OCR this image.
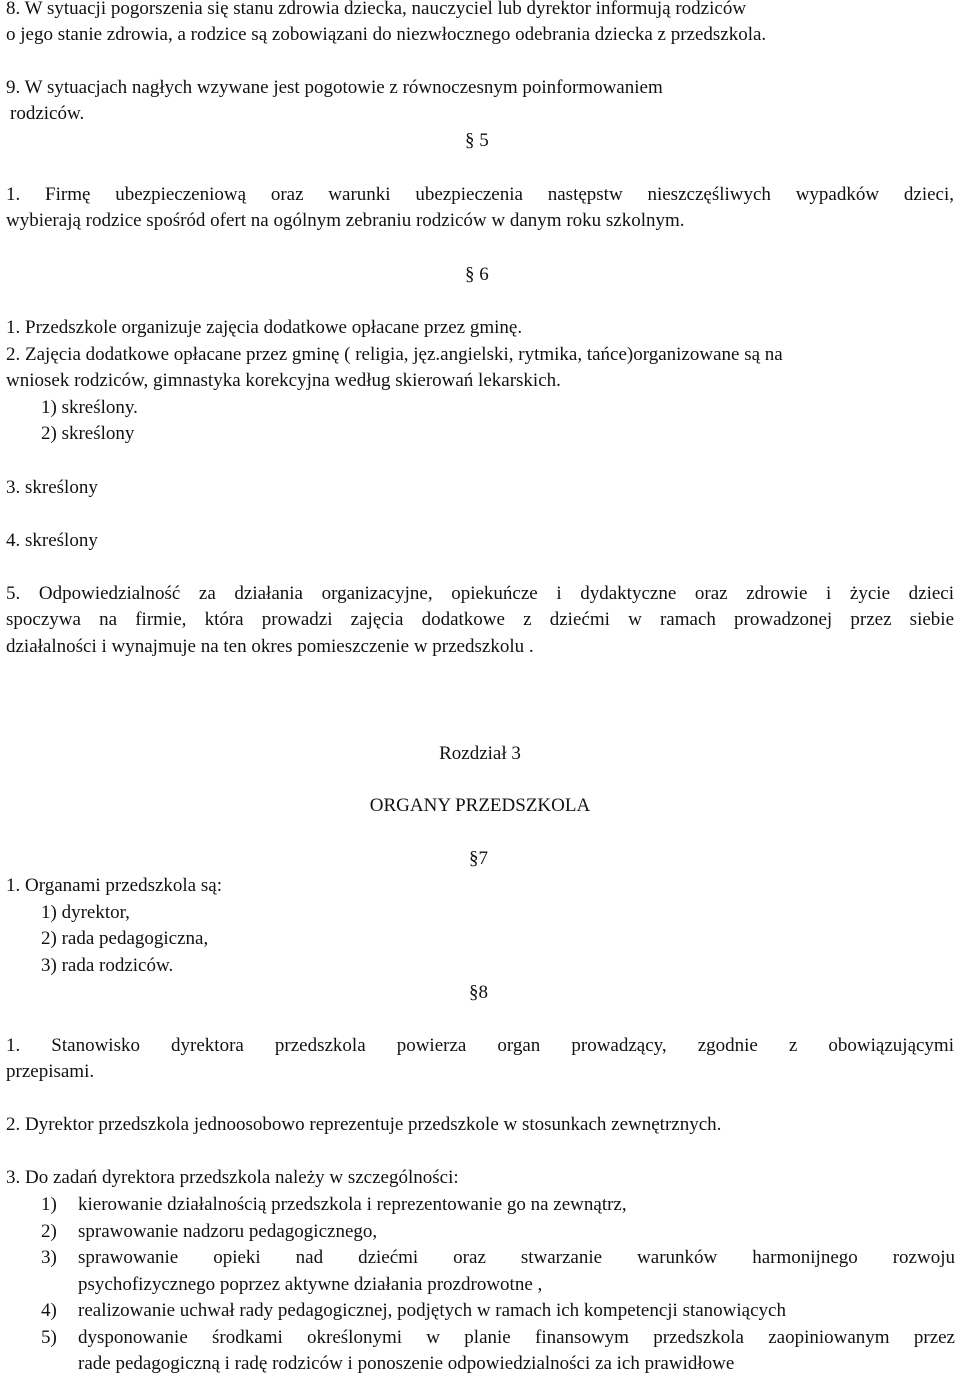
8. W sytuacji pogorszenia się stanu zdrowia dziecka, nauczyciel lub dyrektor informują rodziców
o jego stanie zdrowia, a rodzice są zobowiązani do niezwłocznego odebrania dziecka z przedszkola.
9. W sytuacjach nagłych wzywane jest pogotowie z równoczesnym poinformowaniem
rodziców.
§ 5
1. Firmę ubezpieczeniową oraz warunki ubezpieczenia następstw nieszczęśliwych wypadków dzieci,
wybierają rodzice spośród ofert na ogólnym zebraniu rodziców w danym roku szkolnym.
§ 6
1. Przedszkole organizuje zajęcia dodatkowe opłacane przez gminę.
2. Zajęcia dodatkowe opłacane przez gminę ( religia, jęz.angielski, rytmika, tańce)organizowane są na
wniosek rodziców, gimnastyka korekcyjna według skierowań lekarskich.
1) skreślony.
2) skreślony
3. skreślony
4. skreślony
5. Odpowiedzialność za działania organizacyjne, opiekuńcze i dydaktyczne oraz zdrowie i życie dzieci
spoczywa na firmie, która prowadzi zajęcia dodatkowe z dziećmi w ramach prowadzonej przez siebie
działalności i wynajmuje na ten okres pomieszczenie w przedszkolu .
Rozdział 3
ORGANY PRZEDSZKOLA
§7
1. Organami przedszkola są:
1) dyrektor,
2) rada pedagogiczna,
3) rada rodziców.
§8
1. Stanowisko dyrektora przedszkola powierza organ prowadzący, zgodnie z obowiązującymi
przepisami.
2. Dyrektor przedszkola jednoosobowo reprezentuje przedszkole w stosunkach zewnętrznych.
3. Do zadań dyrektora przedszkola należy w szczególności:
1) kierowanie działalnością przedszkola i reprezentowanie go na zewnątrz,
2) sprawowanie nadzoru pedagogicznego,
3) sprawowanie opieki nad dziećmi oraz stwarzanie warunków harmonijnego rozwoju
psychofizycznego poprzez aktywne działania prozdrowotne ,
4) realizowanie uchwał rady pedagogicznej, podjętych w ramach ich kompetencji stanowiących
5) dysponowanie środkami określonymi w planie finansowym przedszkola zaopiniowanym przez
rade pedagogiczną i radę rodziców i ponoszenie odpowiedzialności za ich prawidłowe
